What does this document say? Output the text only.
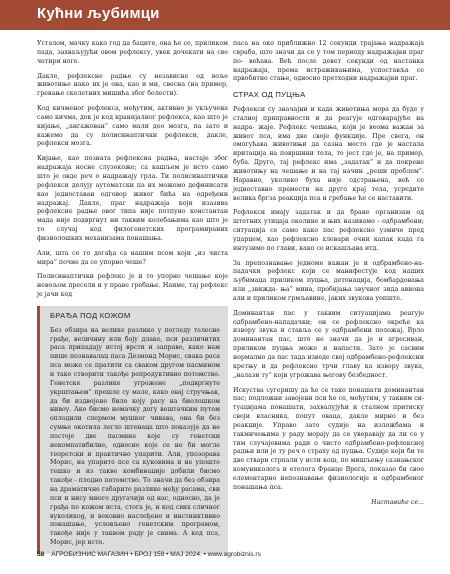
Кућни љубимци

Усталом, мачку како год да баците, она ће се, приликом пада, захваљујући овом рефлексу, увек дочекати на све четири ноге.

Дакле, рефлексне радње су независне од воље животиње иако их је она, као и ми, свесна (на пример, гревање скелетних мишића због болести).

Код кичменог рефлекса, међутим, активно је укључена само кичма, док је код кранијалног рефлекса, као што је кијање, „ангажован“ само мали део мозга, па зато и кажемо да су полисинаптички рефлекси, дакле, рефлекси мозга.

Кијање, као позната рефлексна радња, настаје због надражаја носне слузокоже; са кашљем је исто само што је овде реч о надражају грла. Ти полисинаптички рефлекси делују аутоматски па их можемо дефинисати као једноставан одговор живог бића на одређени надражај. Дакле, праг надражаја који изазива рефлексне радње овог типа није потпуно константан мада није подвргнут ни таквим колебањима као што је то случај код филогенетских програмираних физиолошких механизама понашања.

Али, шта се то догађа са нашим псом који „из чиста мира“ почне да се упорно чеше?

Полисинаптички рефлекс је и то упорно чешање које невољом пресели и у праве гребање. Наиме, тај рефлекс је јачи код

БРАЂА ПОД КОЖОМ

Без обзира на велике разлике у погледу телесне грађе, величину или боју длаке, пси различитих раса припадају истој врсти и заправо, како нам пише познавалац паса Дезмонд Морис, свака раса пса може се пратити са сваком другом пасмином и тако створити такође репродуктивно потомство. Генетске разлике угрожене „подвргнуте укрштањем“ прешле су мале, како овај стручњак, да би издвојене било коју расу на биолошком нивоу. Ако бисмо немачку догу вештачким путем оплодили спермом мушког чивава, она би без сумње окотила легло штенаца што показује да не постоје две пасмине које су генетски некомпатибилне, односно које се не би могле теоретски и практично упарити. Али, упозорава Морис, на упарите псе са куковима и не упоште тешко и из такве комбинације добили бисмо такође - плодно потомство. То значи да без обзира на драматичне габарите разлике међу расама, сви пси и нису много другачији од нас, односно, да је грађа по кожом иста, стога је, и код свих сличног вуколикоg, и вековно наслеђено и инстинктивно понашање, условљено генетским програмом, такође није у таквом раду је свима. А код пса, Морис, јер исто.

паса на око приближно 12 секунди трајања надражаја сврабa, што значи да се у том периоду надражајни праг по- већава. Већ после девет секунди од настанка надражаја, према истраживањима, успостављa се првобитно стање, односно претходни надражајни праг.

СТРАХ ОД ПУЦЊА

Рефлекси су значајни и када животиња мора да буде у сталној приправности и да реагује одговарајуће на надра- жаје. Рефлекс чешања, који је веома важан за живот пса, има две своје функције. Пре свега, он омогућава животињи да сазна место где је настала иритација на површини тела, то јест где је, на пример, буба. Друго, тај рефлекс има „задатак“ и да покрене животињу на чешање и на тај начин „реши проблем“. Наравно, уколико буха није одстрањена, већ се једноставно премести на друго крај тела, усредите велика бргза реакција пса и гребање ће се наставити.

Рефлекси имају задатак и да бране организам од штетних утицаја околине и њих називамо - одбрамбени; ситуација се само како пас рефлексно узмиче пред ударцем, као рефлексно хлевари очни капак када га интузимо по глави, како се искашљава итд.

За препознавање једноме важан је и одбрамбено-на- падачки рефлекс који се манифестује код наших љубимаца приликом пуцња, детонација, бомбардовања или „звижда- ња“ мина, пробијања звучног зида авиона али и приликом грмљавине, јаких звукова уопште.

Доминантан пас у таквим ситуацијама реагује одбрамбено-нападачки; он се рефлексно окреће ка извору звука и ставља се у одбрамбени положај. Врло доминантан пас, што не значи да је и агресиван, приликом пуцња може и напасти. Зато је сасвим нормално да пас тада изведе свој одбрамбено-рефлексни кретњу и да рефлексно трчи главу ка извору звука, „налази ту“ који угрожава његову безбедност.

Искуства сугеришу да ће се тако понашати доминантан пас; подложни завојени пси ће се, међутим, у таквим си- туацијама понашати, захвалујући и сталном притиску своји власника, попут оваца, дакле мирно и без реакције. Управо зато судије на изложбама и такмичењима у раду морају да се уверавају да ли се у тим случајевима ради о чисто одбрамбено-рефлексној радњи или је ту реч о страху од пуцња. Судије који би те две ствари стрпали у исти кош, по мишљењу сазнањског комуникологa и етолога Франце Врега, показао би свое елементарно непознавање физиологије и одбрамбеног понашања пса.

Наставиће се...
58 АГРОБИЗНИС МАГАЗИН • БРОЈ 159 • МАЈ 2024. • www.agrobiznis.rs
